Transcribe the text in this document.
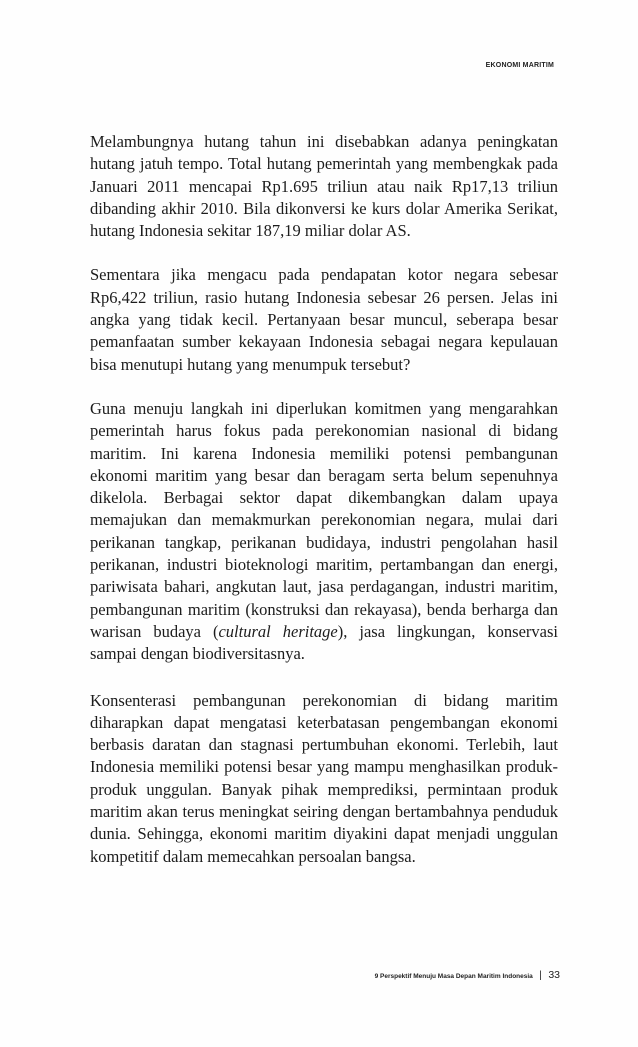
EKONOMI MARITIM

Melambungnya hutang tahun ini disebabkan adanya peningkatan hutang jatuh tempo. Total hutang pemerintah yang membengkak pada Januari 2011 mencapai Rp1.695 triliun atau naik Rp17,13 triliun dibanding akhir 2010. Bila dikonversi ke kurs dolar Amerika Serikat, hutang Indonesia sekitar 187,19 miliar dolar AS.

Sementara jika mengacu pada pendapatan kotor negara sebesar Rp6,422 triliun, rasio hutang Indonesia sebesar 26 persen. Jelas ini angka yang tidak kecil. Pertanyaan besar muncul, seberapa besar pemanfaatan sumber kekayaan Indonesia sebagai negara kepulauan bisa menutupi hutang yang menumpuk tersebut?

Guna menuju langkah ini diperlukan komitmen yang mengarahkan pemerintah harus fokus pada perekonomian nasional di bidang maritim. Ini karena Indonesia memiliki potensi pembangunan ekonomi maritim yang besar dan beragam serta belum sepenuhnya dikelola. Berbagai sektor dapat dikembangkan dalam upaya memajukan dan memakmurkan perekonomian negara, mulai dari perikanan tangkap, perikanan budidaya, industri pengolahan hasil perikanan, industri bioteknologi maritim, pertambangan dan energi, pariwisata bahari, angkutan laut, jasa perdagangan, industri maritim, pembangunan maritim (konstruksi dan rekayasa), benda berharga dan warisan budaya (cultural heritage), jasa lingkungan, konservasi sampai dengan biodiversitasnya.

Konsenterasi pembangunan perekonomian di bidang maritim diharapkan dapat mengatasi keterbatasan pengembangan ekonomi berbasis daratan dan stagnasi pertumbuhan ekonomi. Terlebih, laut Indonesia memiliki potensi besar yang mampu menghasilkan produk-produk unggulan. Banyak pihak memprediksi, permintaan produk maritim akan terus meningkat seiring dengan bertambahnya penduduk dunia. Sehingga, ekonomi maritim diyakini dapat menjadi unggulan kompetitif dalam memecahkan persoalan bangsa.

9 Perspektif Menuju Masa Depan Maritim Indonesia | 33
